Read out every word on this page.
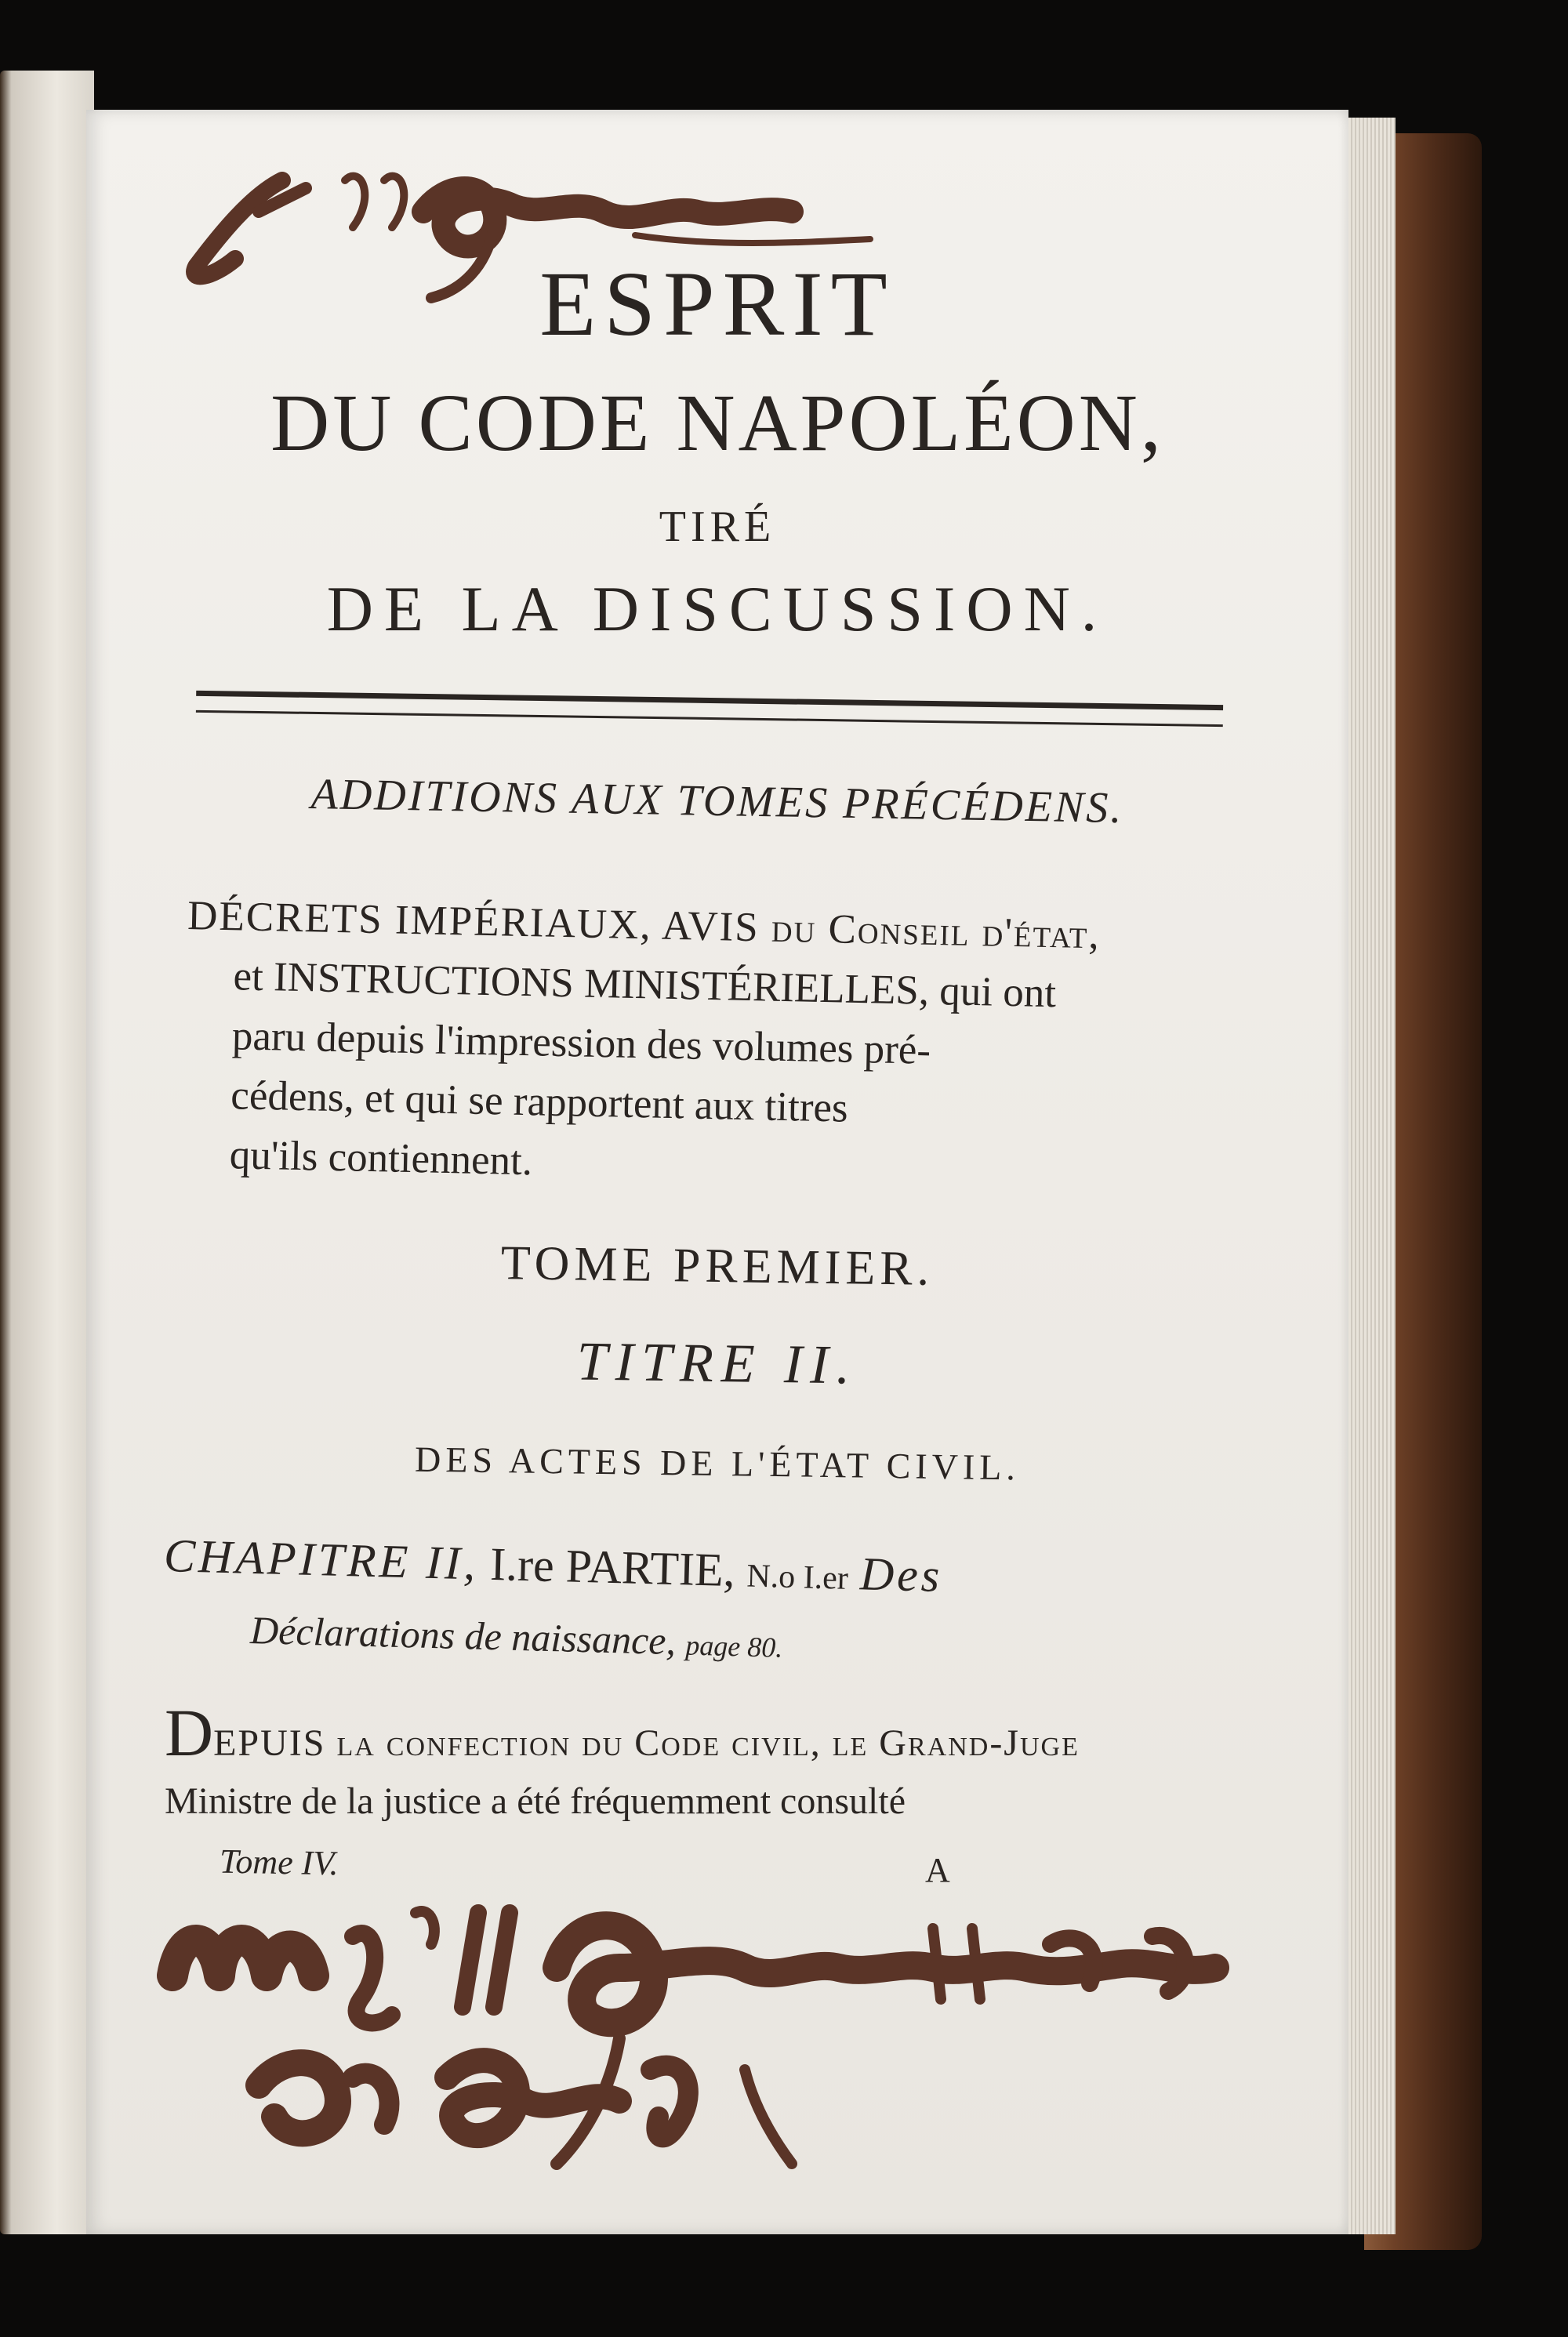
ESPRIT
DU CODE NAPOLÉON,
TIRÉ
DE LA DISCUSSION.
ADDITIONS AUX TOMES PRÉCÉDENS.

DÉCRETS IMPÉRIAUX, AVIS du Conseil d'état,

et INSTRUCTIONS MINISTÉRIELLES, qui ont

paru depuis l'impression des volumes pré-

cédens, et qui se rapportent aux titres

qu'ils contiennent.

TOME PREMIER.
TITRE II.
DES ACTES DE L'ÉTAT CIVIL.
CHAPITRE II, I.re PARTIE, N.o I.er Des
Déclarations de naissance, page 80.
DEPUIS la confection du Code civil, le Grand-Juge
Ministre de la justice a été fréquemment consulté
Tome IV.	A
